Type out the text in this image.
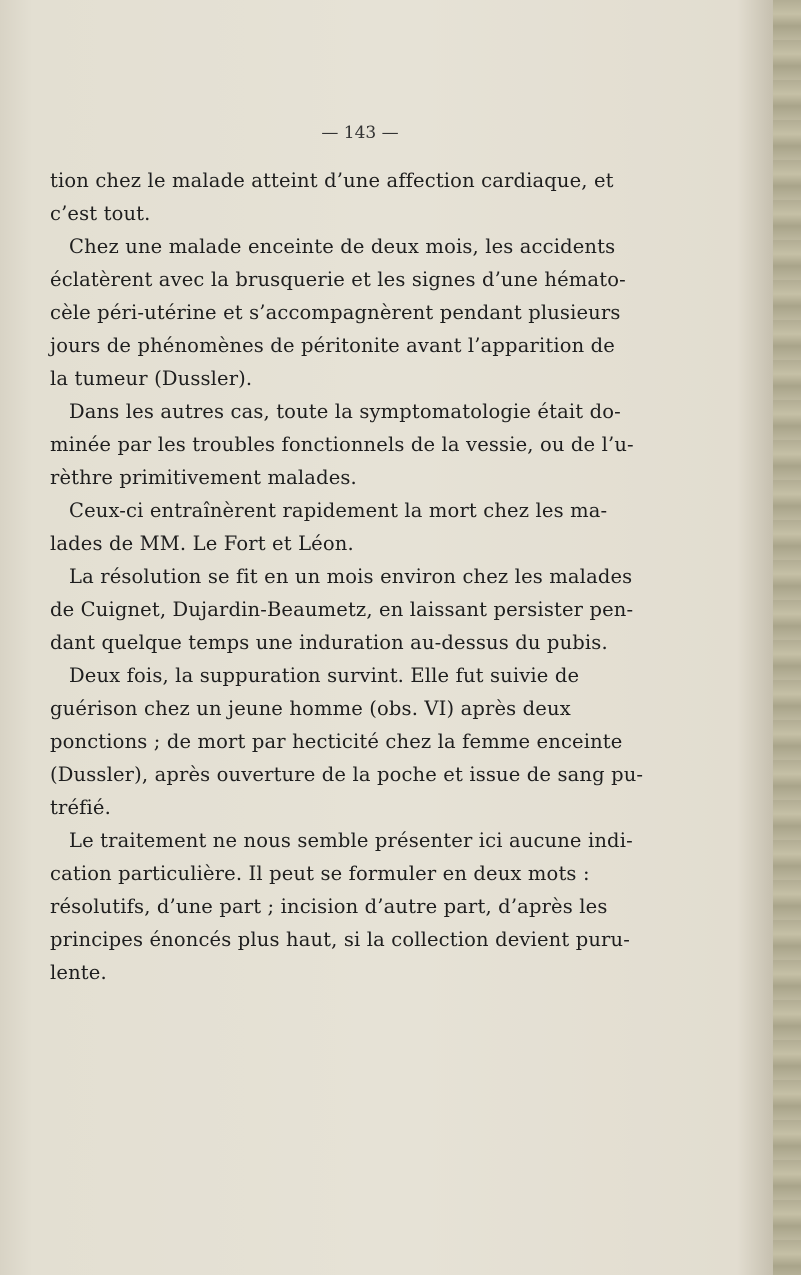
— 143 —
tion chez le malade atteint d’une affection cardiaque, et
c’est tout.
Chez une malade enceinte de deux mois, les accidents
éclatèrent avec la brusquerie et les signes d’une hémato-
cèle péri-utérine et s’accompagnèrent pendant plusieurs
jours de phénomènes de péritonite avant l’apparition de
la tumeur (Dussler).
Dans les autres cas, toute la symptomatologie était do-
minée par les troubles fonctionnels de la vessie, ou de l’u-
rèthre primitivement malades.
Ceux-ci entraînèrent rapidement la mort chez les ma-
lades de MM. Le Fort et Léon.
La résolution se fit en un mois environ chez les malades
de Cuignet, Dujardin-Beaumetz, en laissant persister pen-
dant quelque temps une induration au-dessus du pubis.
Deux fois, la suppuration survint. Elle fut suivie de
guérison chez un jeune homme (obs. VI) après deux
ponctions ; de mort par hecticité chez la femme enceinte
(Dussler), après ouverture de la poche et issue de sang pu-
tréfié.
Le traitement ne nous semble présenter ici aucune indi-
cation particulière. Il peut se formuler en deux mots :
résolutifs, d’une part ; incision d’autre part, d’après les
principes énoncés plus haut, si la collection devient puru-
lente.
